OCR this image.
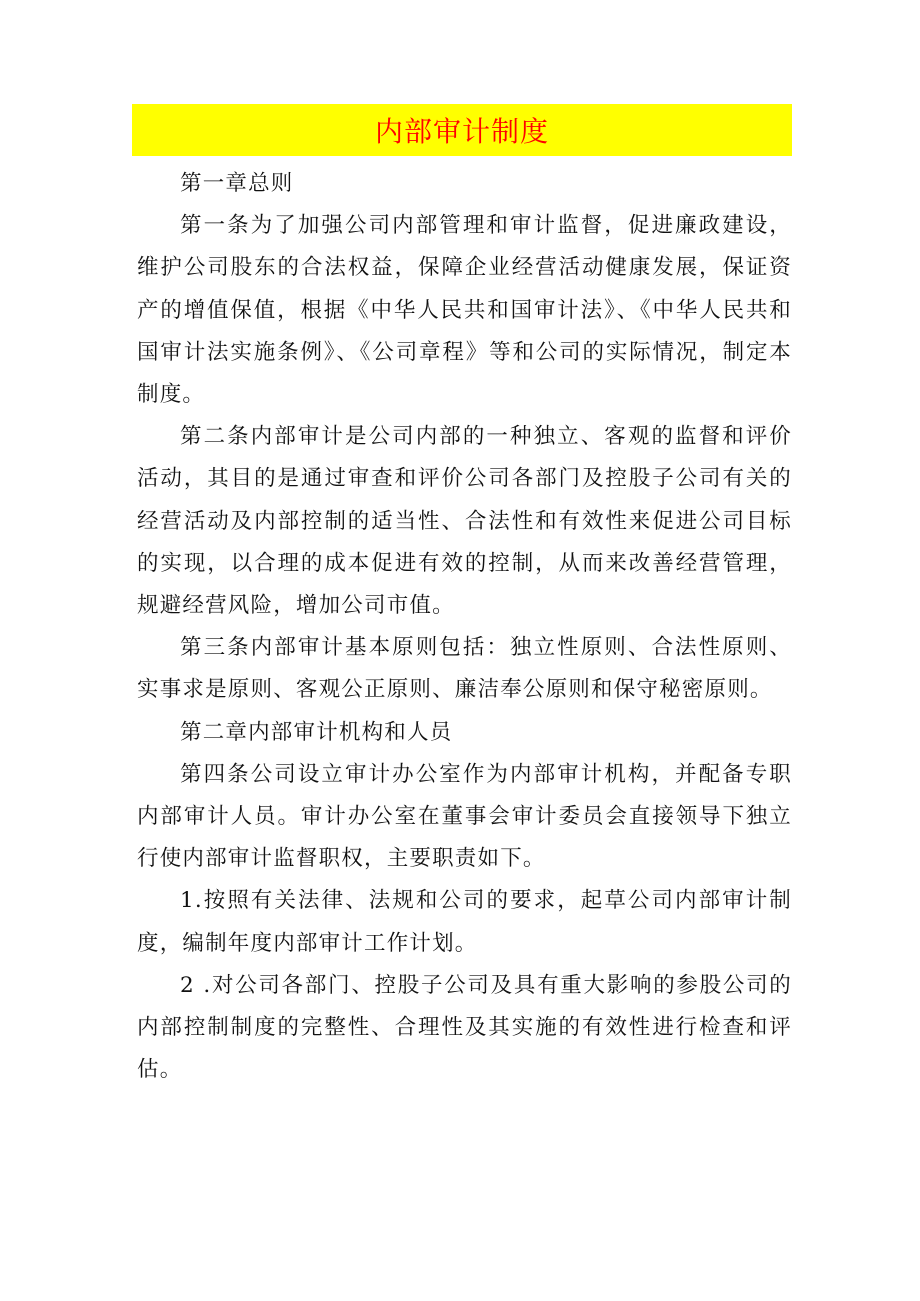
内部审计制度

第一章总则

第一条为了加强公司内部管理和审计监督，促进廉政建设，维护公司股东的合法权益，保障企业经营活动健康发展，保证资产的增值保值，根据《中华人民共和国审计法》、《中华人民共和国审计法实施条例》、《公司章程》等和公司的实际情况，制定本制度。

第二条内部审计是公司内部的一种独立、客观的监督和评价活动，其目的是通过审查和评价公司各部门及控股子公司有关的经营活动及内部控制的适当性、合法性和有效性来促进公司目标的实现，以合理的成本促进有效的控制，从而来改善经营管理，规避经营风险，增加公司市值。

第三条内部审计基本原则包括：独立性原则、合法性原则、实事求是原则、客观公正原则、廉洁奉公原则和保守秘密原则。

第二章内部审计机构和人员

第四条公司设立审计办公室作为内部审计机构，并配备专职内部审计人员。审计办公室在董事会审计委员会直接领导下独立行使内部审计监督职权，主要职责如下。

1.按照有关法律、法规和公司的要求，起草公司内部审计制度，编制年度内部审计工作计划。

2 .对公司各部门、控股子公司及具有重大影响的参股公司的内部控制制度的完整性、合理性及其实施的有效性进行检查和评估。
